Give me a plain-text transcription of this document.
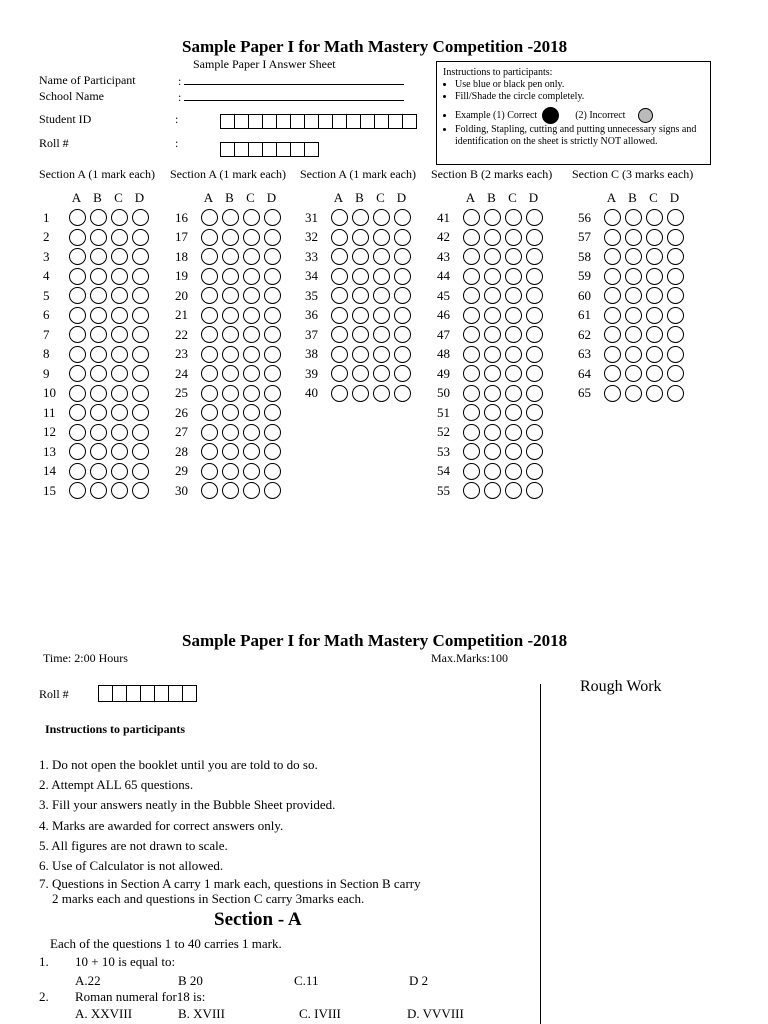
Sample Paper I for Math Mastery Competition -2018
Sample Paper I Answer Sheet
Name of Participant	:
School Name	:
Student ID	:
Roll #	:
Instructions to participants:
• Use blue or black pen only.
• Fill/Shade the circle completely.
• Example (1) Correct	(2) Incorrect
• Folding, Stapling, cutting and putting unnecessary signs and identification on the sheet is strictly NOT allowed.
Section A (1 mark each) Section A (1 mark each) Section A (1 mark each) Section B (2 marks each) Section C (3 marks each)
A B C D
1
2
3
4
5
6
7
8
9
10
11
12
13
14
15
A B C D
16
17
18
19
20
21
22
23
24
25
26
27
28
29
30
A B C D
31
32
33
34
35
36
37
38
39
40
A B C D
41
42
43
44
45
46
47
48
49
50
51
52
53
54
55
A B C D
56
57
58
59
60
61
62
63
64
65
Sample Paper I for Math Mastery Competition -2018
Time: 2:00 Hours	Max.Marks:100
Roll #	Rough Work
Instructions to participants
1. Do not open the booklet until you are told to do so.
2. Attempt ALL 65 questions.
3. Fill your answers neatly in the Bubble Sheet provided.
4. Marks are awarded for correct answers only.
5. All figures are not drawn to scale.
6. Use of Calculator is not allowed.
7. Questions in Section A carry 1 mark each, questions in Section B carry
2 marks each and questions in Section C carry 3marks each.
Section - A
Each of the questions 1 to 40 carries 1 mark.
1. 10 + 10 is equal to:
A.22	B 20	C.11	D 2
2. Roman numeral for18 is:
A. XXVIII	B. XVIII	C. IVIII	D. VVVIII
